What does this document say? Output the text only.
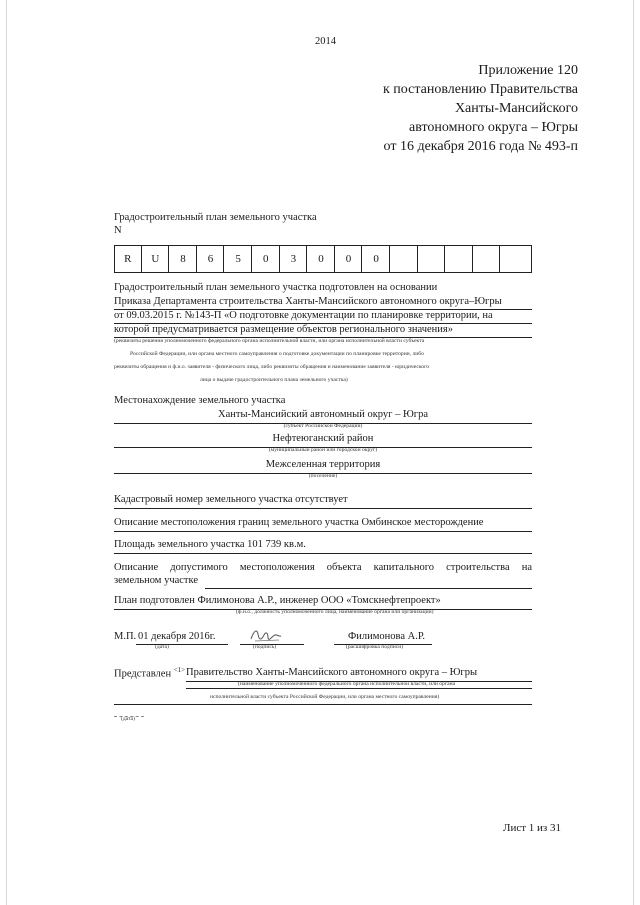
2014
Приложение 120
к постановлению Правительства
Ханты-Мансийского
автономного округа – Югры
от 16 декабря 2016 года № 493-п
Градостроительный план земельного участка
N
R	U	8	6	5	0	3	0	0	0
Градостроительный план земельного участка подготовлен на основании
Приказа Департамента строительства Ханты-Мансийского автономного округа–Югры
от 09.03.2015 г. №143-П «О подготовке документации по планировке территории, на
которой предусматривается размещение объектов регионального значения»
(реквизиты решения уполномоченного федерального органа исполнительной власти, или органа исполнительной власти субъекта
Российской Федерации, или органа местного самоуправления о подготовке документации по планировке территории, либо
реквизиты обращения и ф.и.о. заявителя - физического лица, либо реквизиты обращения и наименование заявителя - юридического
лица о выдаче градостроительного плана земельного участка)
Местонахождение земельного участка
Ханты-Мансийский автономный округ – Югра
(субъект Российской Федерации)
Нефтеюганский район
(муниципальный район или городской округ)
Межселенная территория
(поселение)
Кадастровый номер земельного участка отсутствует
Описание местоположения границ земельного участка Омбинское месторождение
Площадь земельного участка 101 739 кв.м.
Описание допустимого местоположения объекта капитального строительства на
земельном участке
План подготовлен Филимонова А.Р., инженер ООО «Томскнефтепроект»
(ф.и.о., должность уполномоченного лица, наименование органа или организации)
М.П. 01 декабря 2016г.
(дата)	(подпись)
Филимонова А.Р.
(расшифровка подписи)
Представлен $^{<1>}$ Правительство Ханты-Мансийского автономного округа – Югры
(наименование уполномоченного федерального органа исполнительной власти, или органа
исполнительной власти субъекта Российской Федерации, или органа местного самоуправления)
(дата)
Лист 1 из 31
